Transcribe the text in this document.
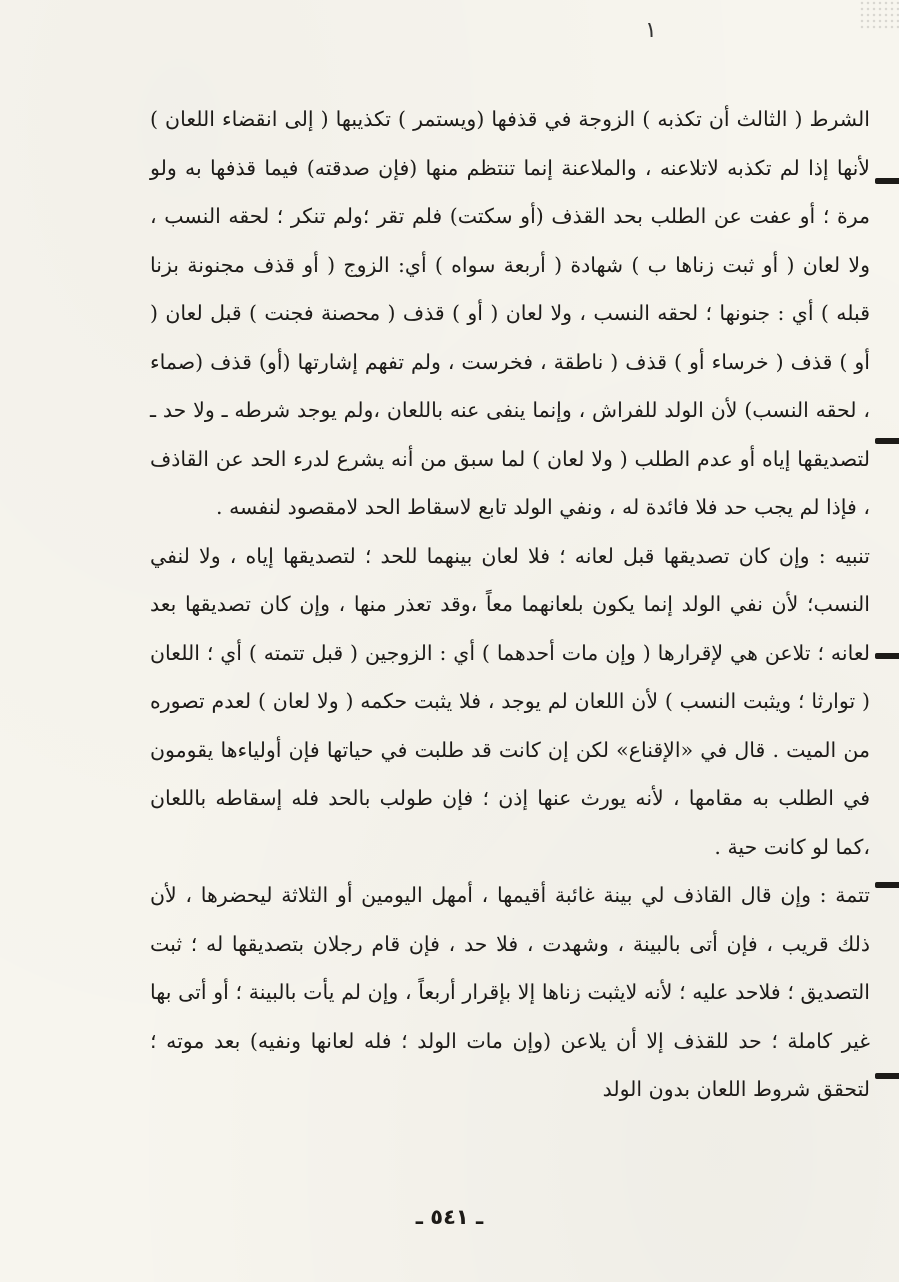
١

الشرط ( الثالث أن تكذبه ) الزوجة في قذفها (ويستمر ) تكذيبها ( إلى انقضاء اللعان ) لأنها إذا لم تكذبه لاتلاعنه ، والملاعنة إنما تنتظم منها (فإن صدقته) فيما قذفها به ولو مرة ؛ أو عفت عن الطلب بحد القذف (أو سكتت) فلم تقر ؛ولم تنكر ؛ لحقه النسب ، ولا لعان ( أو ثبت زناها ب ) شهادة ( أربعة سواه ) أي: الزوج ( أو قذف مجنونة بزنا قبله ) أي : جنونها ؛ لحقه النسب ، ولا لعان ( أو ) قذف ( محصنة فجنت ) قبل لعان ( أو ) قذف ( خرساء أو ) قذف ( ناطقة ، فخرست ، ولم تفهم إشارتها (أو) قذف (صماء ، لحقه النسب) لأن الولد للفراش ، وإنما ينفى عنه باللعان ،ولم يوجد شرطه ـ ولا حد ـ لتصديقها إياه أو عدم الطلب ( ولا لعان ) لما سبق من أنه يشرع لدرء الحد عن القاذف ، فإذا لم يجب حد فلا فائدة له ، ونفي الولد تابع لاسقاط الحد لامقصود لنفسه .

تنبيه : وإن كان تصديقها قبل لعانه ؛ فلا لعان بينهما للحد ؛ لتصديقها إياه ، ولا لنفي النسب؛ لأن نفي الولد إنما يكون بلعانهما معاً ،وقد تعذر منها ، وإن كان تصديقها بعد لعانه ؛ تلاعن هي لإقرارها ( وإن مات أحدهما ) أي : الزوجين ( قبل تتمته ) أي ؛ اللعان ( توارثا ؛ ويثبت النسب ) لأن اللعان لم يوجد ، فلا يثبت حكمه ( ولا لعان ) لعدم تصوره من الميت . قال في «الإقناع» لكن إن كانت قد طلبت في حياتها فإن أولياءها يقومون في الطلب به مقامها ، لأنه يورث عنها إذن ؛ فإن طولب بالحد فله إسقاطه باللعان ،كما لو كانت حية .

تتمة : وإن قال القاذف لي بينة غائبة أقيمها ، أمهل اليومين أو الثلاثة ليحضرها ، لأن ذلك قريب ، فإن أتى بالبينة ، وشهدت ، فلا حد ، فإن قام رجلان بتصديقها له ؛ ثبت التصديق ؛ فلاحد عليه ؛ لأنه لايثبت زناها إلا بإقرار أربعاً ، وإن لم يأت بالبينة ؛ أو أتى بها غير كاملة ؛ حد للقذف إلا أن يلاعن (وإن مات الولد ؛ فله لعانها ونفيه) بعد موته ؛ لتحقق شروط اللعان بدون الولد

ـ ٥٤١ ـ
